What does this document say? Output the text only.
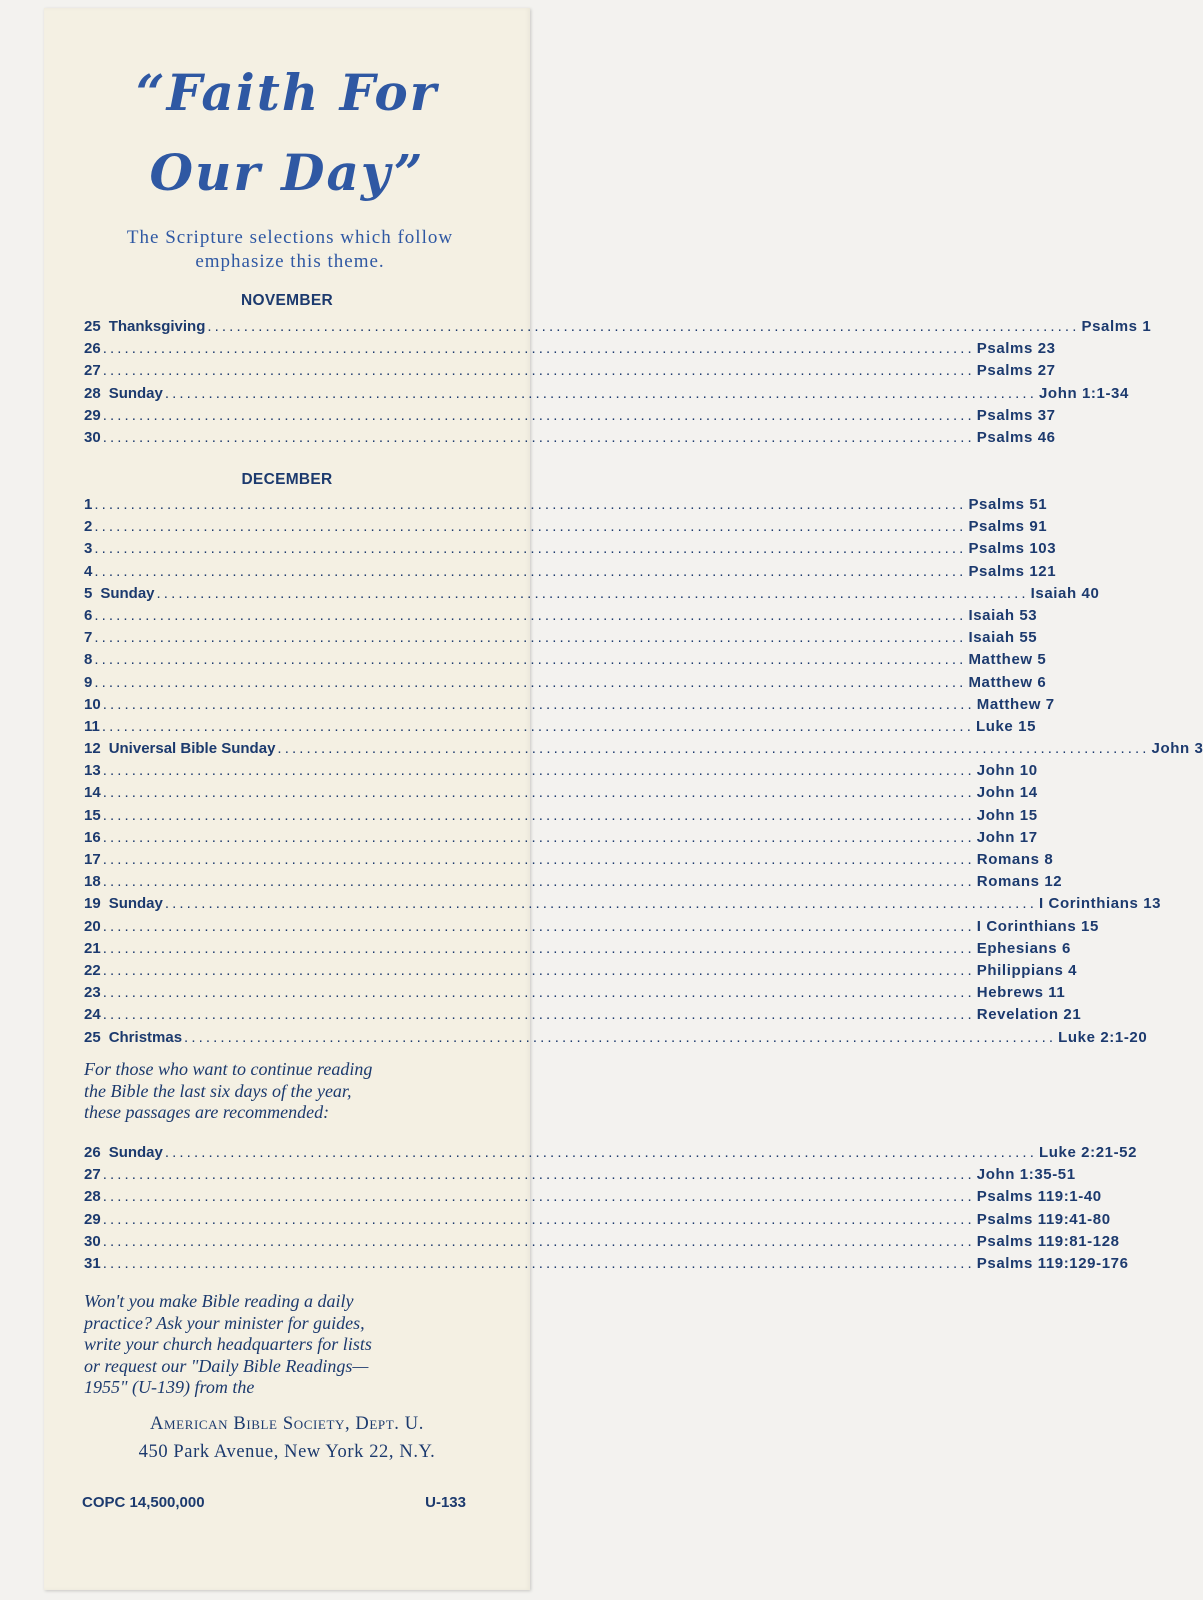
“Faith For
Our Day”
The Scripture selections which follow
emphasize this theme.
NOVEMBER
25 Thanksgiving ........................................................................................................................ Psalms 1
26 ........................................................................................................................ Psalms 23
27 ........................................................................................................................ Psalms 27
28 Sunday ........................................................................................................................ John 1:1-34
29 ........................................................................................................................ Psalms 37
30 ........................................................................................................................ Psalms 46
DECEMBER
1 ........................................................................................................................ Psalms 51
2 ........................................................................................................................ Psalms 91
3 ........................................................................................................................ Psalms 103
4 ........................................................................................................................ Psalms 121
5 Sunday ........................................................................................................................ Isaiah 40
6 ........................................................................................................................ Isaiah 53
7 ........................................................................................................................ Isaiah 55
8 ........................................................................................................................ Matthew 5
9 ........................................................................................................................ Matthew 6
10 ........................................................................................................................ Matthew 7
11 ........................................................................................................................ Luke 15
12 Universal Bible Sunday ........................................................................................................................ John 3
13 ........................................................................................................................ John 10
14 ........................................................................................................................ John 14
15 ........................................................................................................................ John 15
16 ........................................................................................................................ John 17
17 ........................................................................................................................ Romans 8
18 ........................................................................................................................ Romans 12
19 Sunday ........................................................................................................................ I Corinthians 13
20 ........................................................................................................................ I Corinthians 15
21 ........................................................................................................................ Ephesians 6
22 ........................................................................................................................ Philippians 4
23 ........................................................................................................................ Hebrews 11
24 ........................................................................................................................ Revelation 21
25 Christmas ........................................................................................................................ Luke 2:1-20
For those who want to continue reading
the Bible the last six days of the year,
these passages are recommended:
26 Sunday ........................................................................................................................ Luke 2:21-52
27 ........................................................................................................................ John 1:35-51
28 ........................................................................................................................ Psalms 119:1-40
29 ........................................................................................................................ Psalms 119:41-80
30 ........................................................................................................................ Psalms 119:81-128
31 ........................................................................................................................ Psalms 119:129-176
Won't you make Bible reading a daily
practice? Ask your minister for guides,
write your church headquarters for lists
or request our "Daily Bible Readings—
1955" (U-139) from the
American Bible Society, Dept. U.
450 Park Avenue, New York 22, N.Y.
COPC 14,500,000	U-133
